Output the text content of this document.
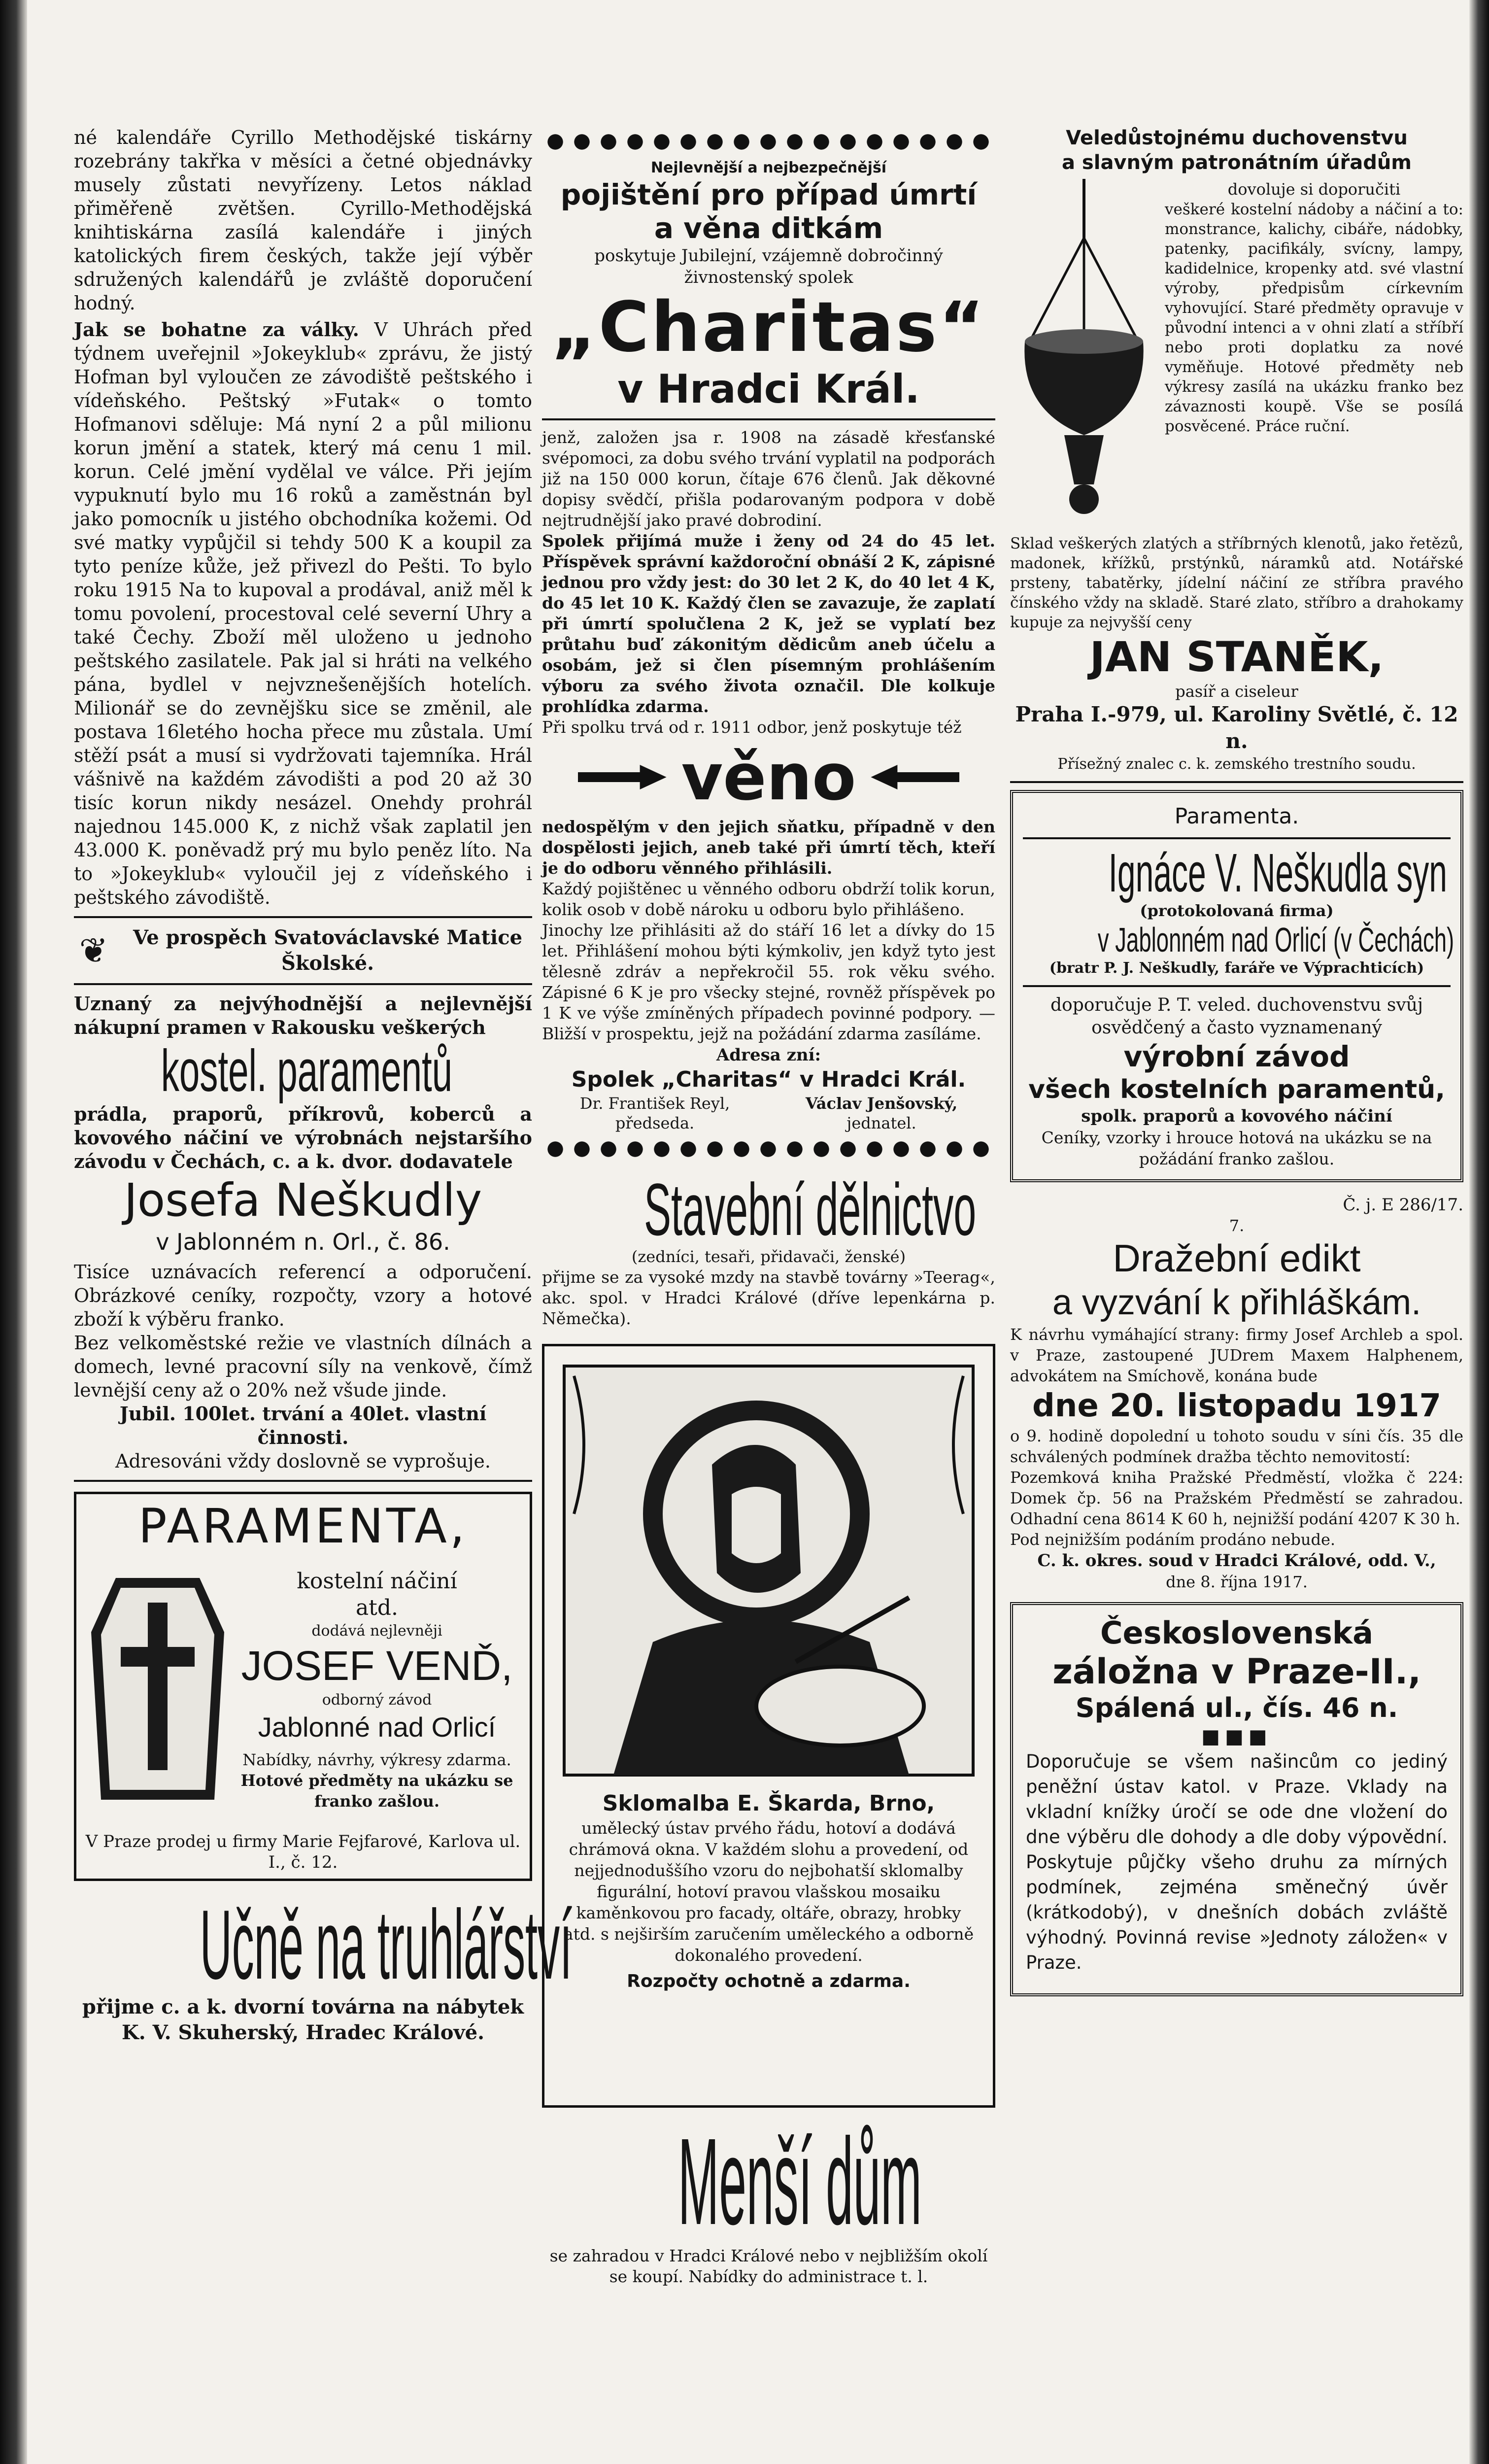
né kalendáře Cyrillo Methodějské tiskárny rozebrány takřka v měsíci a četné objednávky musely zůstati nevyřízeny. Letos náklad přiměřeně zvětšen. Cyrillo-Methodějská knihtiskárna zasílá kalendáře i jiných katolických firem českých, takže její výběr sdružených kalendářů je zvláště doporučení hodný.

Jak se bohatne za války. V Uhrách před týdnem uveřejnil »Jokeyklub« zprávu, že jistý Hofman byl vyloučen ze závodiště peštského i vídeňského. Peštský »Futak« o tomto Hofmanovi sděluje: Má nyní 2 a půl milionu korun jmění a statek, který má cenu 1 mil. korun. Celé jmění vydělal ve válce. Při jejím vypuknutí bylo mu 16 roků a zaměstnán byl jako pomocník u jistého obchodníka kožemi. Od své matky vypůjčil si tehdy 500 K a koupil za tyto peníze kůže, jež přivezl do Pešti. To bylo roku 1915 Na to kupoval a prodával, aniž měl k tomu povolení, procestoval celé severní Uhry a také Čechy. Zboží měl uloženo u jednoho peštského zasilatele. Pak jal si hráti na velkého pána, bydlel v nejvznešenějších hotelích. Milionář se do zevnějšku sice se změnil, ale postava 16letého hocha přece mu zůstala. Umí stěží psát a musí si vydržovati tajemníka. Hrál vášnivě na každém závodišti a pod 20 až 30 tisíc korun nikdy nesázel. Onehdy prohrál najednou 145.000 K, z nichž však zaplatil jen 43.000 K. poněvadž prý mu bylo peněz líto. Na to »Jokeyklub« vyloučil jej z vídeňského i peštského závodiště.

❦	Ve prospěch Svatováclavské Matice Školské.

Uznaný za nejvýhodnější a nejlevnější nákupní pramen v Rakousku veškerých

kostel. paramentů

prádla, praporů, příkrovů, koberců a kovového náčiní ve výrobnách nejstaršího závodu v Čechách, c. a k. dvor. dodavatele

Josefa Neškudly

v Jablonném n. Orl., č. 86.

Tisíce uznávacích referencí a odporučení. Obrázkové ceníky, rozpočty, vzory a hotové zboží k výběru franko.

Bez velkoměstské režie ve vlastních dílnách a domech, levné pracovní síly na venkově, čímž levnější ceny až o 20% než všude jinde.

Jubil. 100let. trvání a 40let. vlastní činnosti.

Adresováni vždy doslovně se vyprošuje.

PARAMENTA,

kostelní náčiní

atd.

dodává nejlevněji

JOSEF VENĎ,

odborný závod

Jablonné nad Orlicí

Nabídky, návrhy, výkresy zdarma.

Hotové předměty na ukázku se franko zašlou.

V Praze prodej u firmy Marie Fejfarové, Karlova ul. I., č. 12.

Učně na truhlářství

přijme c. a k. dvorní továrna na nábytek K. V. Skuherský, Hradec Králové.

Nejlevnější a nejbezpečnější

pojištění pro případ úmrtí

a věna ditkám

poskytuje Jubilejní, vzájemně dobročinný živnostenský spolek

„Charitas“

v Hradci Král.

jenž, založen jsa r. 1908 na zásadě křesťanské svépomoci, za dobu svého trvání vyplatil na podporách již na 150 000 korun, čítaje 676 členů. Jak děkovné dopisy svědčí, přišla podarovaným podpora v době nejtrudnější jako pravé dobrodiní.

Spolek přijímá muže i ženy od 24 do 45 let. Příspěvek správní každoroční obnáší 2 K, zápisné jednou pro vždy jest: do 30 let 2 K, do 40 let 4 K, do 45 let 10 K. Každý člen se zavazuje, že zaplatí při úmrtí spolučlena 2 K, jež se vyplatí bez průtahu buď zákonitým dědicům aneb účelu a osobám, jež si člen písemným prohlášením výboru za svého života označil. Dle kolkuje prohlídka zdarma.

Při spolku trvá od r. 1911 odbor, jenž poskytuje též

věno

nedospělým v den jejich sňatku, případně v den dospělosti jejich, aneb také při úmrtí těch, kteří je do odboru věnného přihlásili.

Každý pojištěnec u věnného odboru obdrží tolik korun, kolik osob v době nároku u odboru bylo přihlášeno.

Jinochy lze přihlásiti až do stáří 16 let a dívky do 15 let. Přihlášení mohou býti kýmkoliv, jen když tyto jest tělesně zdráv a nepřekročil 55. rok věku svého. Zápisné 6 K je pro všecky stejné, rovněž příspěvek po 1 K ve výše zmíněných případech povinné podpory. — Bližší v prospektu, jejž na požádání zdarma zasíláme.

Adresa zní:

Spolek „Charitas“ v Hradci Král.

Dr. František Reyl,

předseda.

Václav Jenšovský,

jednatel.

Stavební dělnictvo

(zedníci, tesaři, přidavači, ženské)

přijme se za vysoké mzdy na stavbě továrny »Teerag«, akc. spol. v Hradci Králové (dříve lepenkárna p. Němečka).

Sklomalba E. Škarda, Brno,

umělecký ústav prvého řádu, hotoví a dodává chrámová okna. V každém slohu a provedení, od nejjednoduššího vzoru do nejbohatší sklomalby figurální, hotoví pravou vlašskou mosaiku kaměnkovou pro facady, oltáře, obrazy, hrobky atd. s nejširším zaručením uměleckého a odborně dokonalého provedení.

Rozpočty ochotně a zdarma.

Menší dům

se zahradou v Hradci Králové nebo v nejbližším okolí se koupí. Nabídky do administrace t. l.

Veledůstojnému duchovenstvu

a slavným patronátním úřadům

dovoluje si doporučiti

veškeré kostelní nádoby a náčiní a to: monstrance, kalichy, cibáře, nádobky, patenky, pacifikály, svícny, lampy, kadidelnice, kropenky atd. své vlastní výroby, předpisům církevním vyhovující. Staré předměty opravuje v původní intenci a v ohni zlatí a stříbří nebo proti doplatku za nové vyměňuje. Hotové předměty neb výkresy zasílá na ukázku franko bez závaznosti koupě. Vše se posílá posvěcené. Práce ruční.

Sklad veškerých zlatých a stříbrných klenotů, jako řetězů, madonek, křížků, prstýnků, náramků atd. Notářské prsteny, tabatěrky, jídelní náčiní ze stříbra pravého čínského vždy na skladě. Staré zlato, stříbro a drahokamy kupuje za nejvyšší ceny

JAN STANĚK,

pasíř a ciseleur

Praha I.-979, ul. Karoliny Světlé, č. 12 n.

Přísežný znalec c. k. zemského trestního soudu.

Paramenta.

Ignáce V. Neškudla syn

(protokolovaná firma)

v Jablonném nad Orlicí (v Čechách)

(bratr P. J. Neškudly, faráře ve Výprachticích)

doporučuje P. T. veled. duchovenstvu svůj osvědčený a často vyznamenaný

výrobní závod

všech kostelních paramentů,

spolk. praporů a kovového náčiní

Ceníky, vzorky i hrouce hotová na ukázku se na požádání franko zašlou.

Č. j. E 286/17.

7.

Dražební edikt

a vyzvání k přihláškám.

K návrhu vymáhající strany: firmy Josef Archleb a spol. v Praze, zastoupené JUDrem Maxem Halphenem, advokátem na Smíchově, konána bude

dne 20. listopadu 1917

o 9. hodině dopolední u tohoto soudu v síni čís. 35 dle schválených podmínek dražba těchto nemovitostí:

Pozemková kniha Pražské Předměstí, vložka č 224: Domek čp. 56 na Pražském Předměstí se zahradou. Odhadní cena 8614 K 60 h, nejnižší podání 4207 K 30 h.

Pod nejnižším podáním prodáno nebude.

C. k. okres. soud v Hradci Králové, odd. V.,

dne 8. října 1917.

Československá

záložna v Praze-II.,

Spálená ul., čís. 46 n.

■■■

Doporučuje se všem našincům co jediný peněžní ústav katol. v Praze. Vklady na vkladní knížky úročí se ode dne vložení do dne výběru dle dohody a dle doby výpovědní. Poskytuje půjčky všeho druhu za mírných podmínek, zejména směnečný úvěr (krátkodobý), v dnešních dobách zvláště výhodný. Povinná revise »Jednoty záložen« v Praze.
